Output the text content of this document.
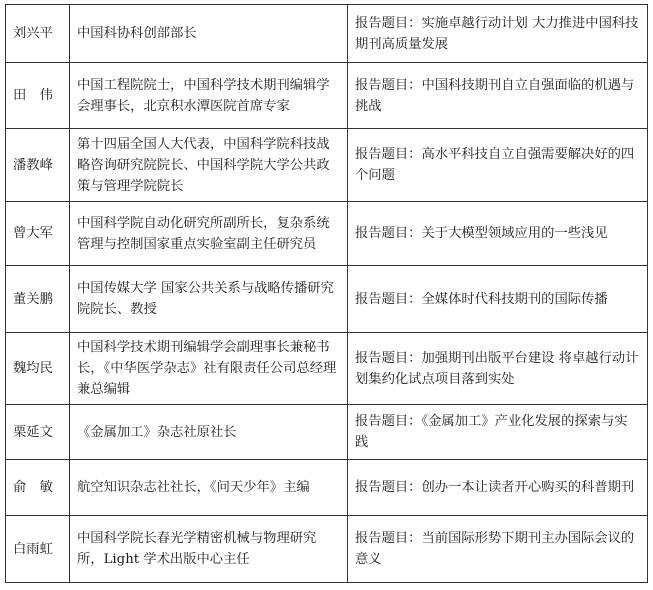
刘兴平	中国科协科创部部长	报告题目：实施卓越行动计划 大力推进中国科技期刊高质量发展
田　伟	中国工程院院士，中国科学技术期刊编辑学会理事长，北京积水潭医院首席专家	报告题目：中国科技期刊自立自强面临的机遇与挑战
潘教峰	第十四届全国人大代表，中国科学院科技战略咨询研究院院长、中国科学院大学公共政策与管理学院院长	报告题目：高水平科技自立自强需要解决好的四个问题
曾大军	中国科学院自动化研究所副所长，复杂系统管理与控制国家重点实验室副主任研究员	报告题目：关于大模型领域应用的一些浅见
董关鹏	中国传媒大学 国家公共关系与战略传播研究院院长、教授	报告题目：全媒体时代科技期刊的国际传播
魏均民	中国科学技术期刊编辑学会副理事长兼秘书长，《中华医学杂志》社有限责任公司总经理兼总编辑	报告题目：加强期刊出版平台建设 将卓越行动计划集约化试点项目落到实处
栗延文	《金属加工》杂志社原社长	报告题目：《金属加工》产业化发展的探索与实践
俞　敏	航空知识杂志社社长，《问天少年》主编	报告题目：创办一本让读者开心购买的科普期刊
白雨虹	中国科学院长春光学精密机械与物理研究所，Light 学术出版中心主任	报告题目：当前国际形势下期刊主办国际会议的意义
